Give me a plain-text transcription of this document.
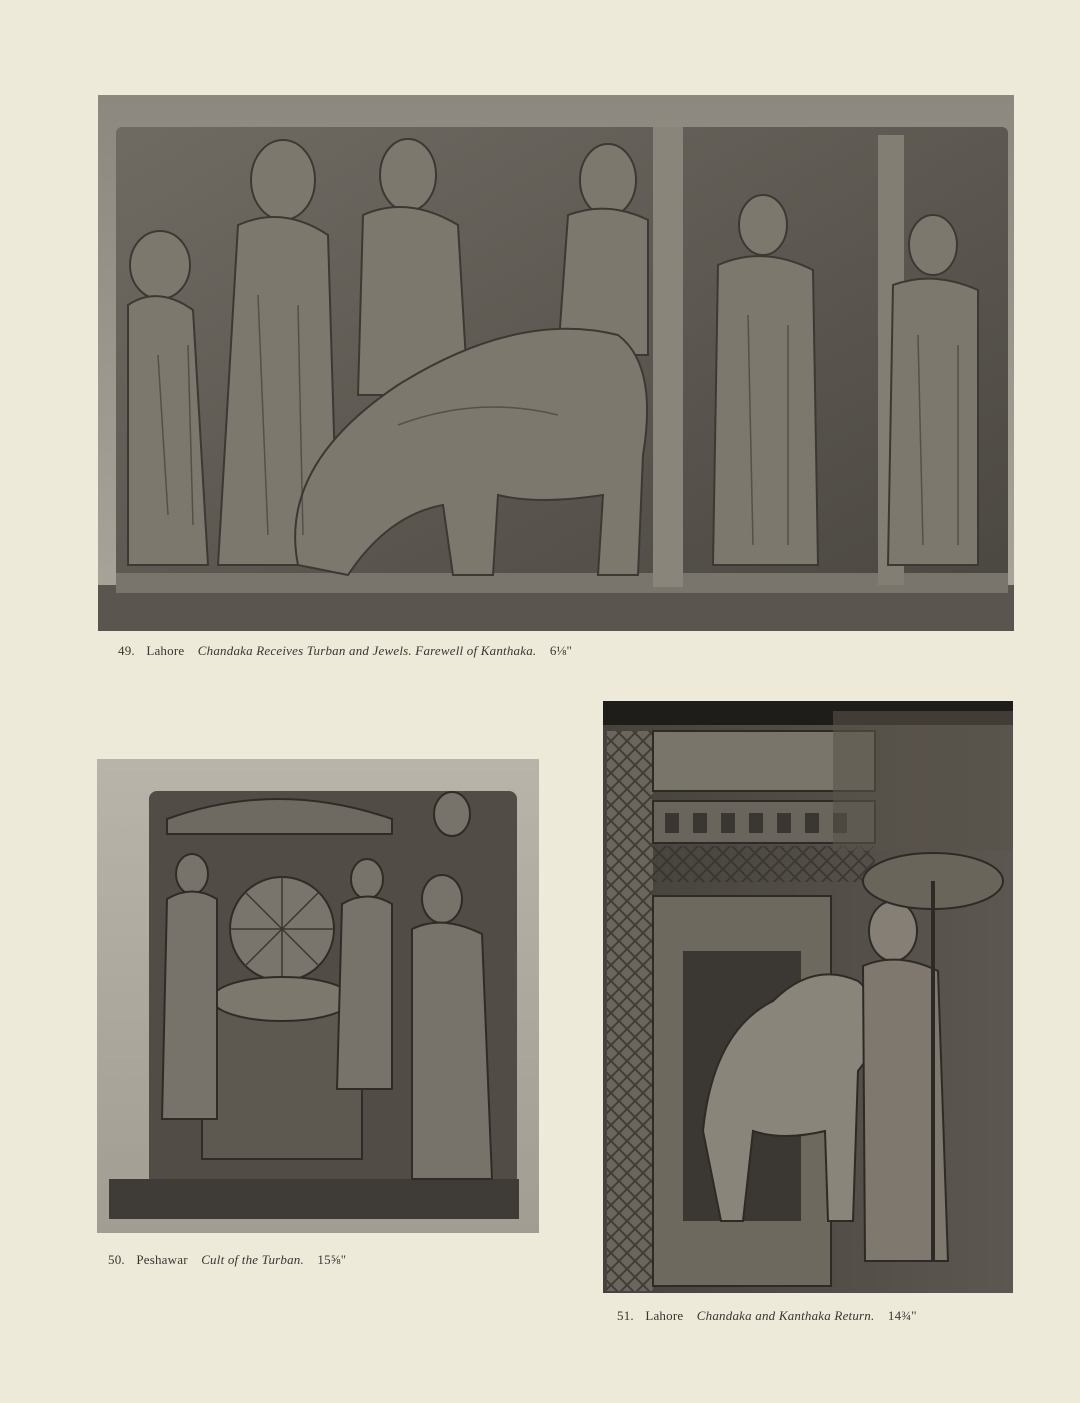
49. Lahore Chandaka Receives Turban and Jewels. Farewell of Kanthaka. 6⅛"
50. Peshawar Cult of the Turban. 15⅝"
51. Lahore Chandaka and Kanthaka Return. 14¾"
